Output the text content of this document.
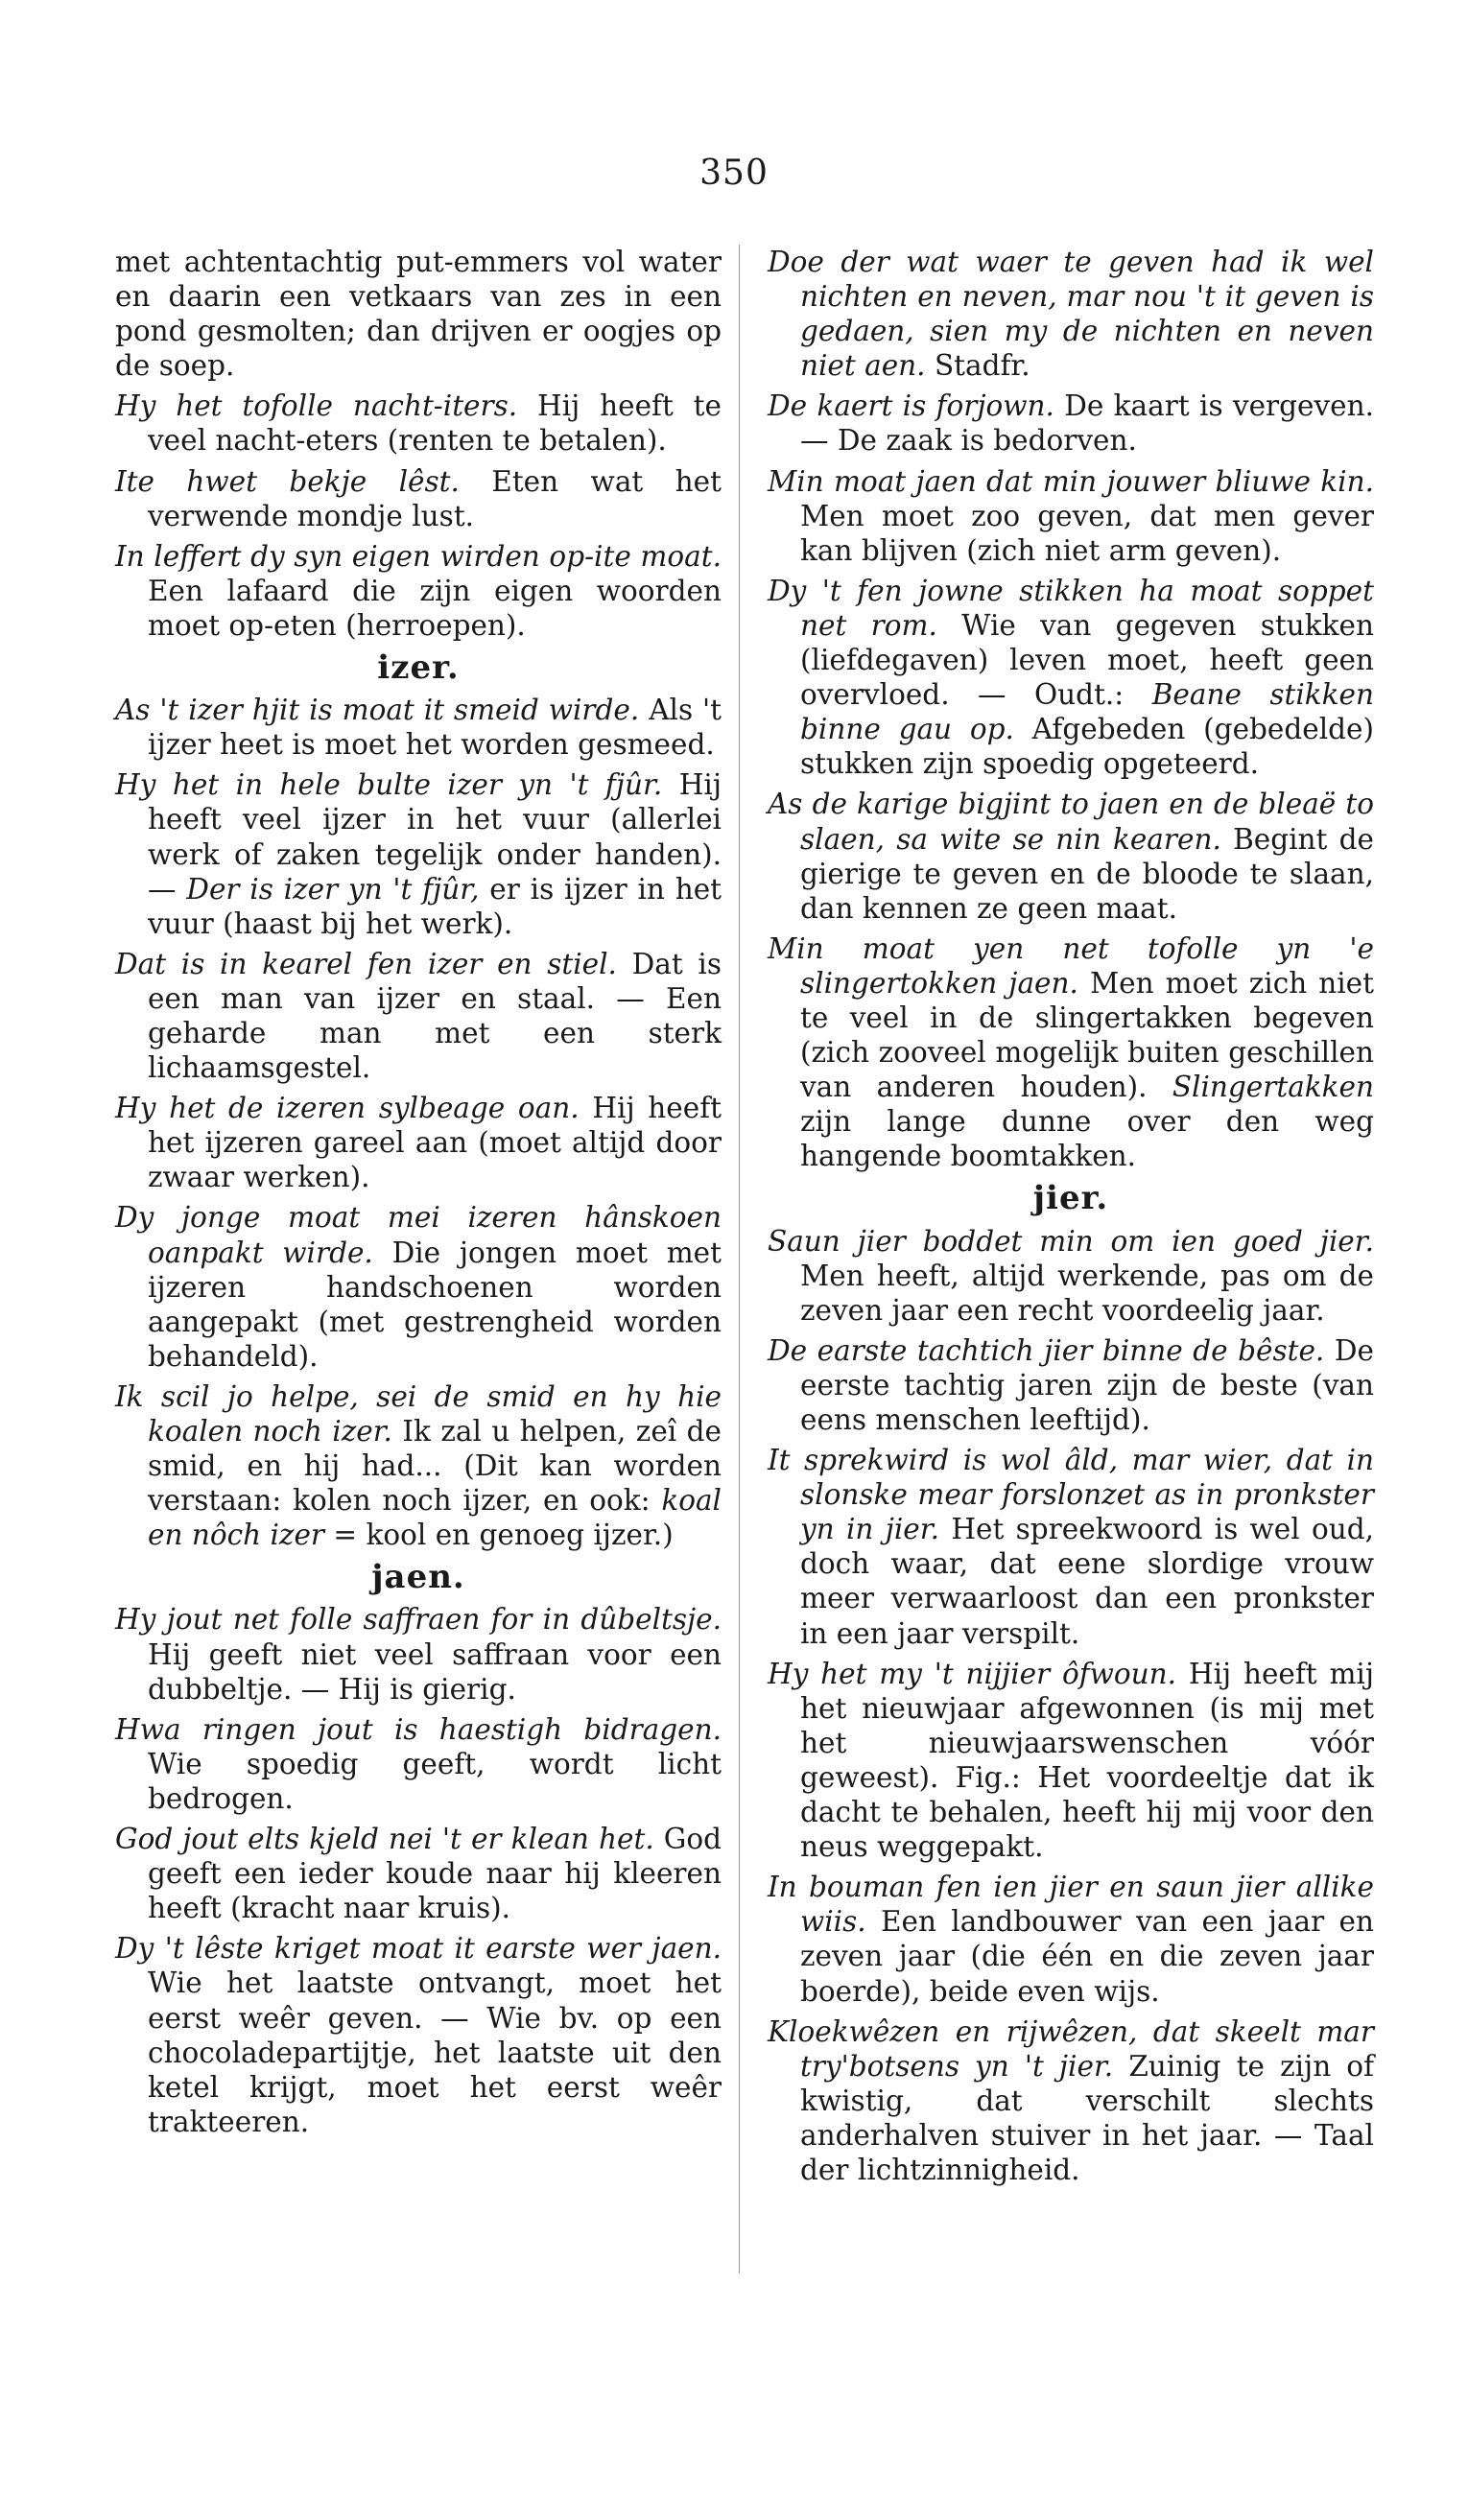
350
met achtentachtig put-emmers vol water en daarin een vetkaars van zes in een pond gesmolten; dan drijven er oogjes op de soep.
Hy het tofolle nacht-iters. Hij heeft te veel nacht-eters (renten te betalen).
Ite hwet bekje lêst. Eten wat het verwende mondje lust.
In leffert dy syn eigen wirden op-ite moat. Een lafaard die zijn eigen woorden moet op-eten (herroepen).
izer.
As 't izer hjit is moat it smeid wirde. Als 't ijzer heet is moet het worden gesmeed.
Hy het in hele bulte izer yn 't fjûr. Hij heeft veel ijzer in het vuur (allerlei werk of zaken tegelijk onder handen). — Der is izer yn 't fjûr, er is ijzer in het vuur (haast bij het werk).
Dat is in kearel fen izer en stiel. Dat is een man van ijzer en staal. — Een geharde man met een sterk lichaamsgestel.
Hy het de izeren sylbeage oan. Hij heeft het ijzeren gareel aan (moet altijd door zwaar werken).
Dy jonge moat mei izeren hânskoen oanpakt wirde. Die jongen moet met ijzeren handschoenen worden aangepakt (met gestrengheid worden behandeld).
Ik scil jo helpe, sei de smid en hy hie koalen noch izer. Ik zal u helpen, zeî de smid, en hij had... (Dit kan worden verstaan: kolen noch ijzer, en ook: koal en nôch izer = kool en genoeg ijzer.)
jaen.
Hy jout net folle saffraen for in dûbeltsje. Hij geeft niet veel saffraan voor een dubbeltje. — Hij is gierig.
Hwa ringen jout is haestigh bidragen. Wie spoedig geeft, wordt licht bedrogen.
God jout elts kjeld nei 't er klean het. God geeft een ieder koude naar hij kleeren heeft (kracht naar kruis).
Dy 't lêste kriget moat it earste wer jaen. Wie het laatste ontvangt, moet het eerst weêr geven. — Wie bv. op een chocoladepartijtje, het laatste uit den ketel krijgt, moet het eerst weêr trakteeren.
Doe der wat waer te geven had ik wel nichten en neven, mar nou 't it geven is gedaen, sien my de nichten en neven niet aen. Stadfr.
De kaert is forjown. De kaart is vergeven. — De zaak is bedorven.
Min moat jaen dat min jouwer bliuwe kin. Men moet zoo geven, dat men gever kan blijven (zich niet arm geven).
Dy 't fen jowne stikken ha moat soppet net rom. Wie van gegeven stukken (liefdegaven) leven moet, heeft geen overvloed. — Oudt.: Beane stikken binne gau op. Afgebeden (gebedelde) stukken zijn spoedig opgeteerd.
As de karige bigjint to jaen en de bleaë to slaen, sa wite se nin kearen. Begint de gierige te geven en de bloode te slaan, dan kennen ze geen maat.
Min moat yen net tofolle yn 'e slingertokken jaen. Men moet zich niet te veel in de slingertakken begeven (zich zooveel mogelijk buiten geschillen van anderen houden). Slingertakken zijn lange dunne over den weg hangende boomtakken.
jier.
Saun jier boddet min om ien goed jier. Men heeft, altijd werkende, pas om de zeven jaar een recht voordeelig jaar.
De earste tachtich jier binne de bêste. De eerste tachtig jaren zijn de beste (van eens menschen leeftijd).
It sprekwird is wol âld, mar wier, dat in slonske mear forslonzet as in pronkster yn in jier. Het spreekwoord is wel oud, doch waar, dat eene slordige vrouw meer verwaarloost dan een pronkster in een jaar verspilt.
Hy het my 't nijjier ôfwoun. Hij heeft mij het nieuwjaar afgewonnen (is mij met het nieuwjaarswenschen vóór geweest). Fig.: Het voordeeltje dat ik dacht te behalen, heeft hij mij voor den neus weggepakt.
In bouman fen ien jier en saun jier allike wiis. Een landbouwer van een jaar en zeven jaar (die één en die zeven jaar boerde), beide even wijs.
Kloekwêzen en rijwêzen, dat skeelt mar try'botsens yn 't jier. Zuinig te zijn of kwistig, dat verschilt slechts anderhalven stuiver in het jaar. — Taal der lichtzinnigheid.
